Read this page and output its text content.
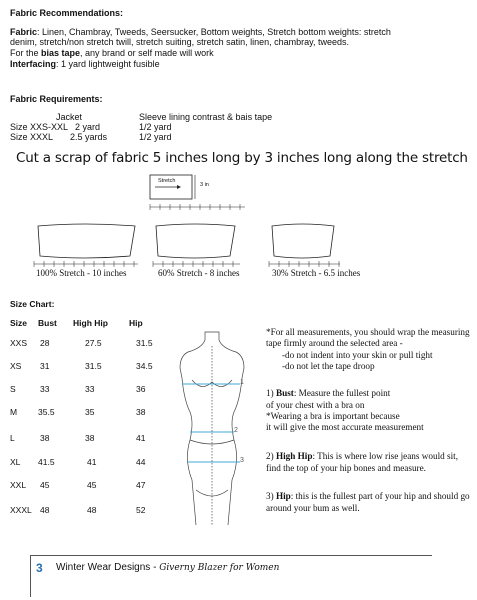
Fabric Recommendations:
Fabric: Linen, Chambray, Tweeds, Seersucker, Bottom weights, Stretch bottom weights: stretch
denim, stretch/non stretch twill, stretch suiting, stretch satin, linen, chambray, tweeds.
For the bias tape, any brand or self made will work
Interfacing: 1 yard lightweight fusible
Fabric Requirements:
Jacket	Sleeve lining contrast & bais tape
Size XXS-XXL 2 yard	1/2 yard
Size XXXL 2.5 yards	1/2 yard
Cut a scrap of fabric 5 inches long by 3 inches long along the stretch
Stretch
3 in
100% Stretch - 10 inches	60% Stretch - 8 inches	30% Stretch - 6.5 inches
Size Chart:
Size Bust High Hip Hip
XXS 28	27.5	31.5
XS 31	31.5	34.5
S	33	33	36
M 35.5	35	38
L	38	38	41
XL 41.5	41	44
XXL 45	45	47
XXXL 48	48	52
1
2
3
*For all measurements, you should wrap the measuring
tape firmly around the selected area -
-do not indent into your skin or pull tight
-do not let the tape droop
1) Bust: Measure the fullest point
of your chest with a bra on
*Wearing a bra is important because
it will give the most accurate measurement
2) High Hip: This is where low rise jeans would sit,
find the top of your hip bones and measure.
3) Hip: this is the fullest part of your hip and should go
around your bum as well.
3 Winter Wear Designs - Giverny Blazer for Women
